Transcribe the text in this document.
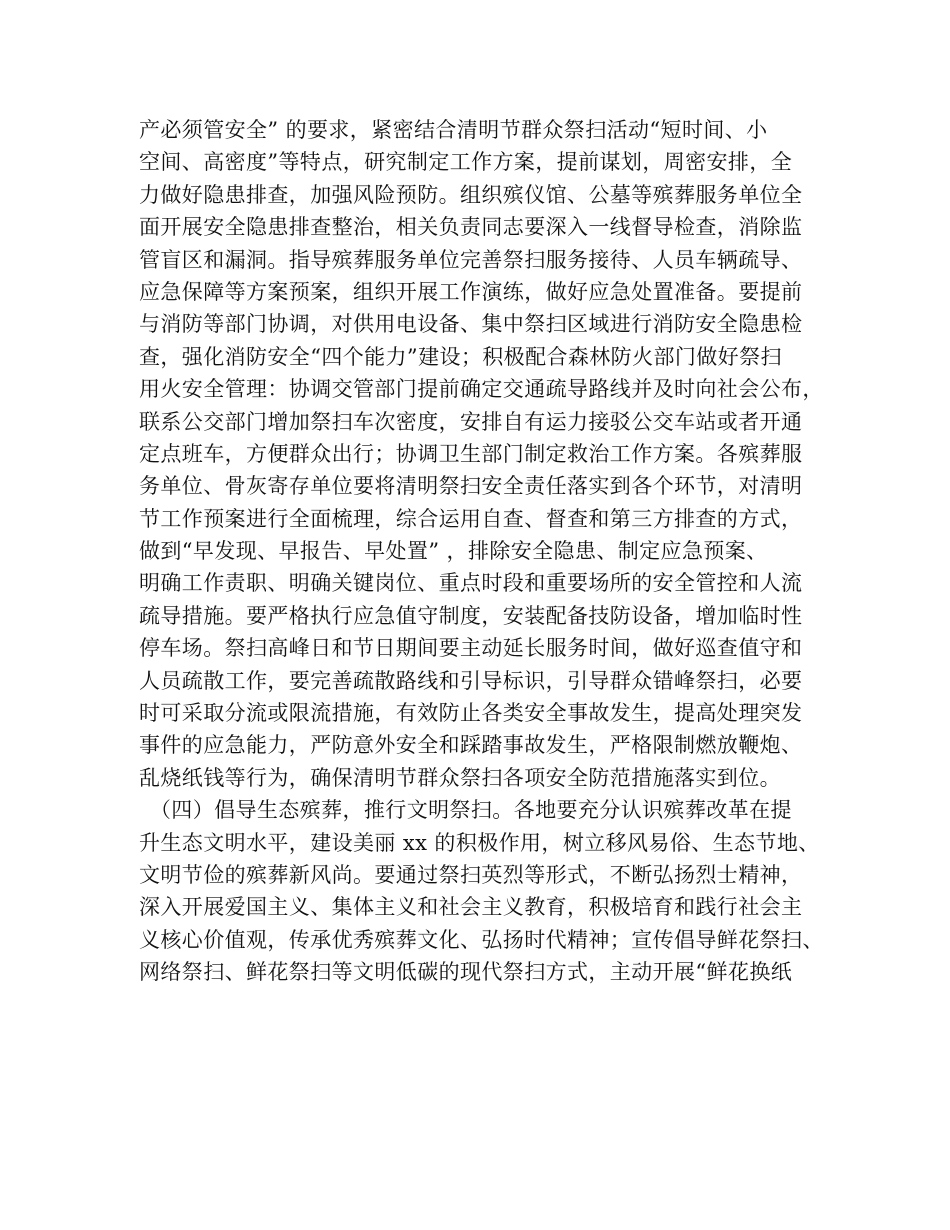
产必须管安全” 的要求，紧密结合清明节群众祭扫活动“短时间、小
空间、高密度”等特点，研究制定工作方案，提前谋划，周密安排，全
力做好隐患排查，加强风险预防。组织殡仪馆、公墓等殡葬服务单位全
面开展安全隐患排查整治，相关负责同志要深入一线督导检查，消除监
管盲区和漏洞。指导殡葬服务单位完善祭扫服务接待、人员车辆疏导、
应急保障等方案预案，组织开展工作演练，做好应急处置准备。要提前
与消防等部门协调，对供用电设备、集中祭扫区域进行消防安全隐患检
查，强化消防安全“四个能力”建设；积极配合森林防火部门做好祭扫
用火安全管理：协调交管部门提前确定交通疏导路线并及时向社会公布，
联系公交部门增加祭扫车次密度，安排自有运力接驳公交车站或者开通
定点班车，方便群众出行；协调卫生部门制定救治工作方案。各殡葬服
务单位、骨灰寄存单位要将清明祭扫安全责任落实到各个环节，对清明
节工作预案进行全面梳理，综合运用自查、督查和第三方排查的方式，
做到“早发现、早报告、早处置” ，排除安全隐患、制定应急预案、
明确工作责职、明确关键岗位、重点时段和重要场所的安全管控和人流
疏导措施。要严格执行应急值守制度，安装配备技防设备，增加临时性
停车场。祭扫高峰日和节日期间要主动延长服务时间，做好巡查值守和
人员疏散工作，要完善疏散路线和引导标识，引导群众错峰祭扫，必要
时可采取分流或限流措施，有效防止各类安全事故发生，提高处理突发
事件的应急能力，严防意外安全和踩踏事故发生，严格限制燃放鞭炮、
乱烧纸钱等行为，确保清明节群众祭扫各项安全防范措施落实到位。
　（四）倡导生态殡葬，推行文明祭扫。各地要充分认识殡葬改革在提
升生态文明水平，建设美丽 xx 的积极作用，树立移风易俗、生态节地、
文明节俭的殡葬新风尚。要通过祭扫英烈等形式，不断弘扬烈士精神，
深入开展爱国主义、集体主义和社会主义教育，积极培育和践行社会主
义核心价值观，传承优秀殡葬文化、弘扬时代精神；宣传倡导鲜花祭扫、
网络祭扫、鲜花祭扫等文明低碳的现代祭扫方式，主动开展“鲜花换纸
